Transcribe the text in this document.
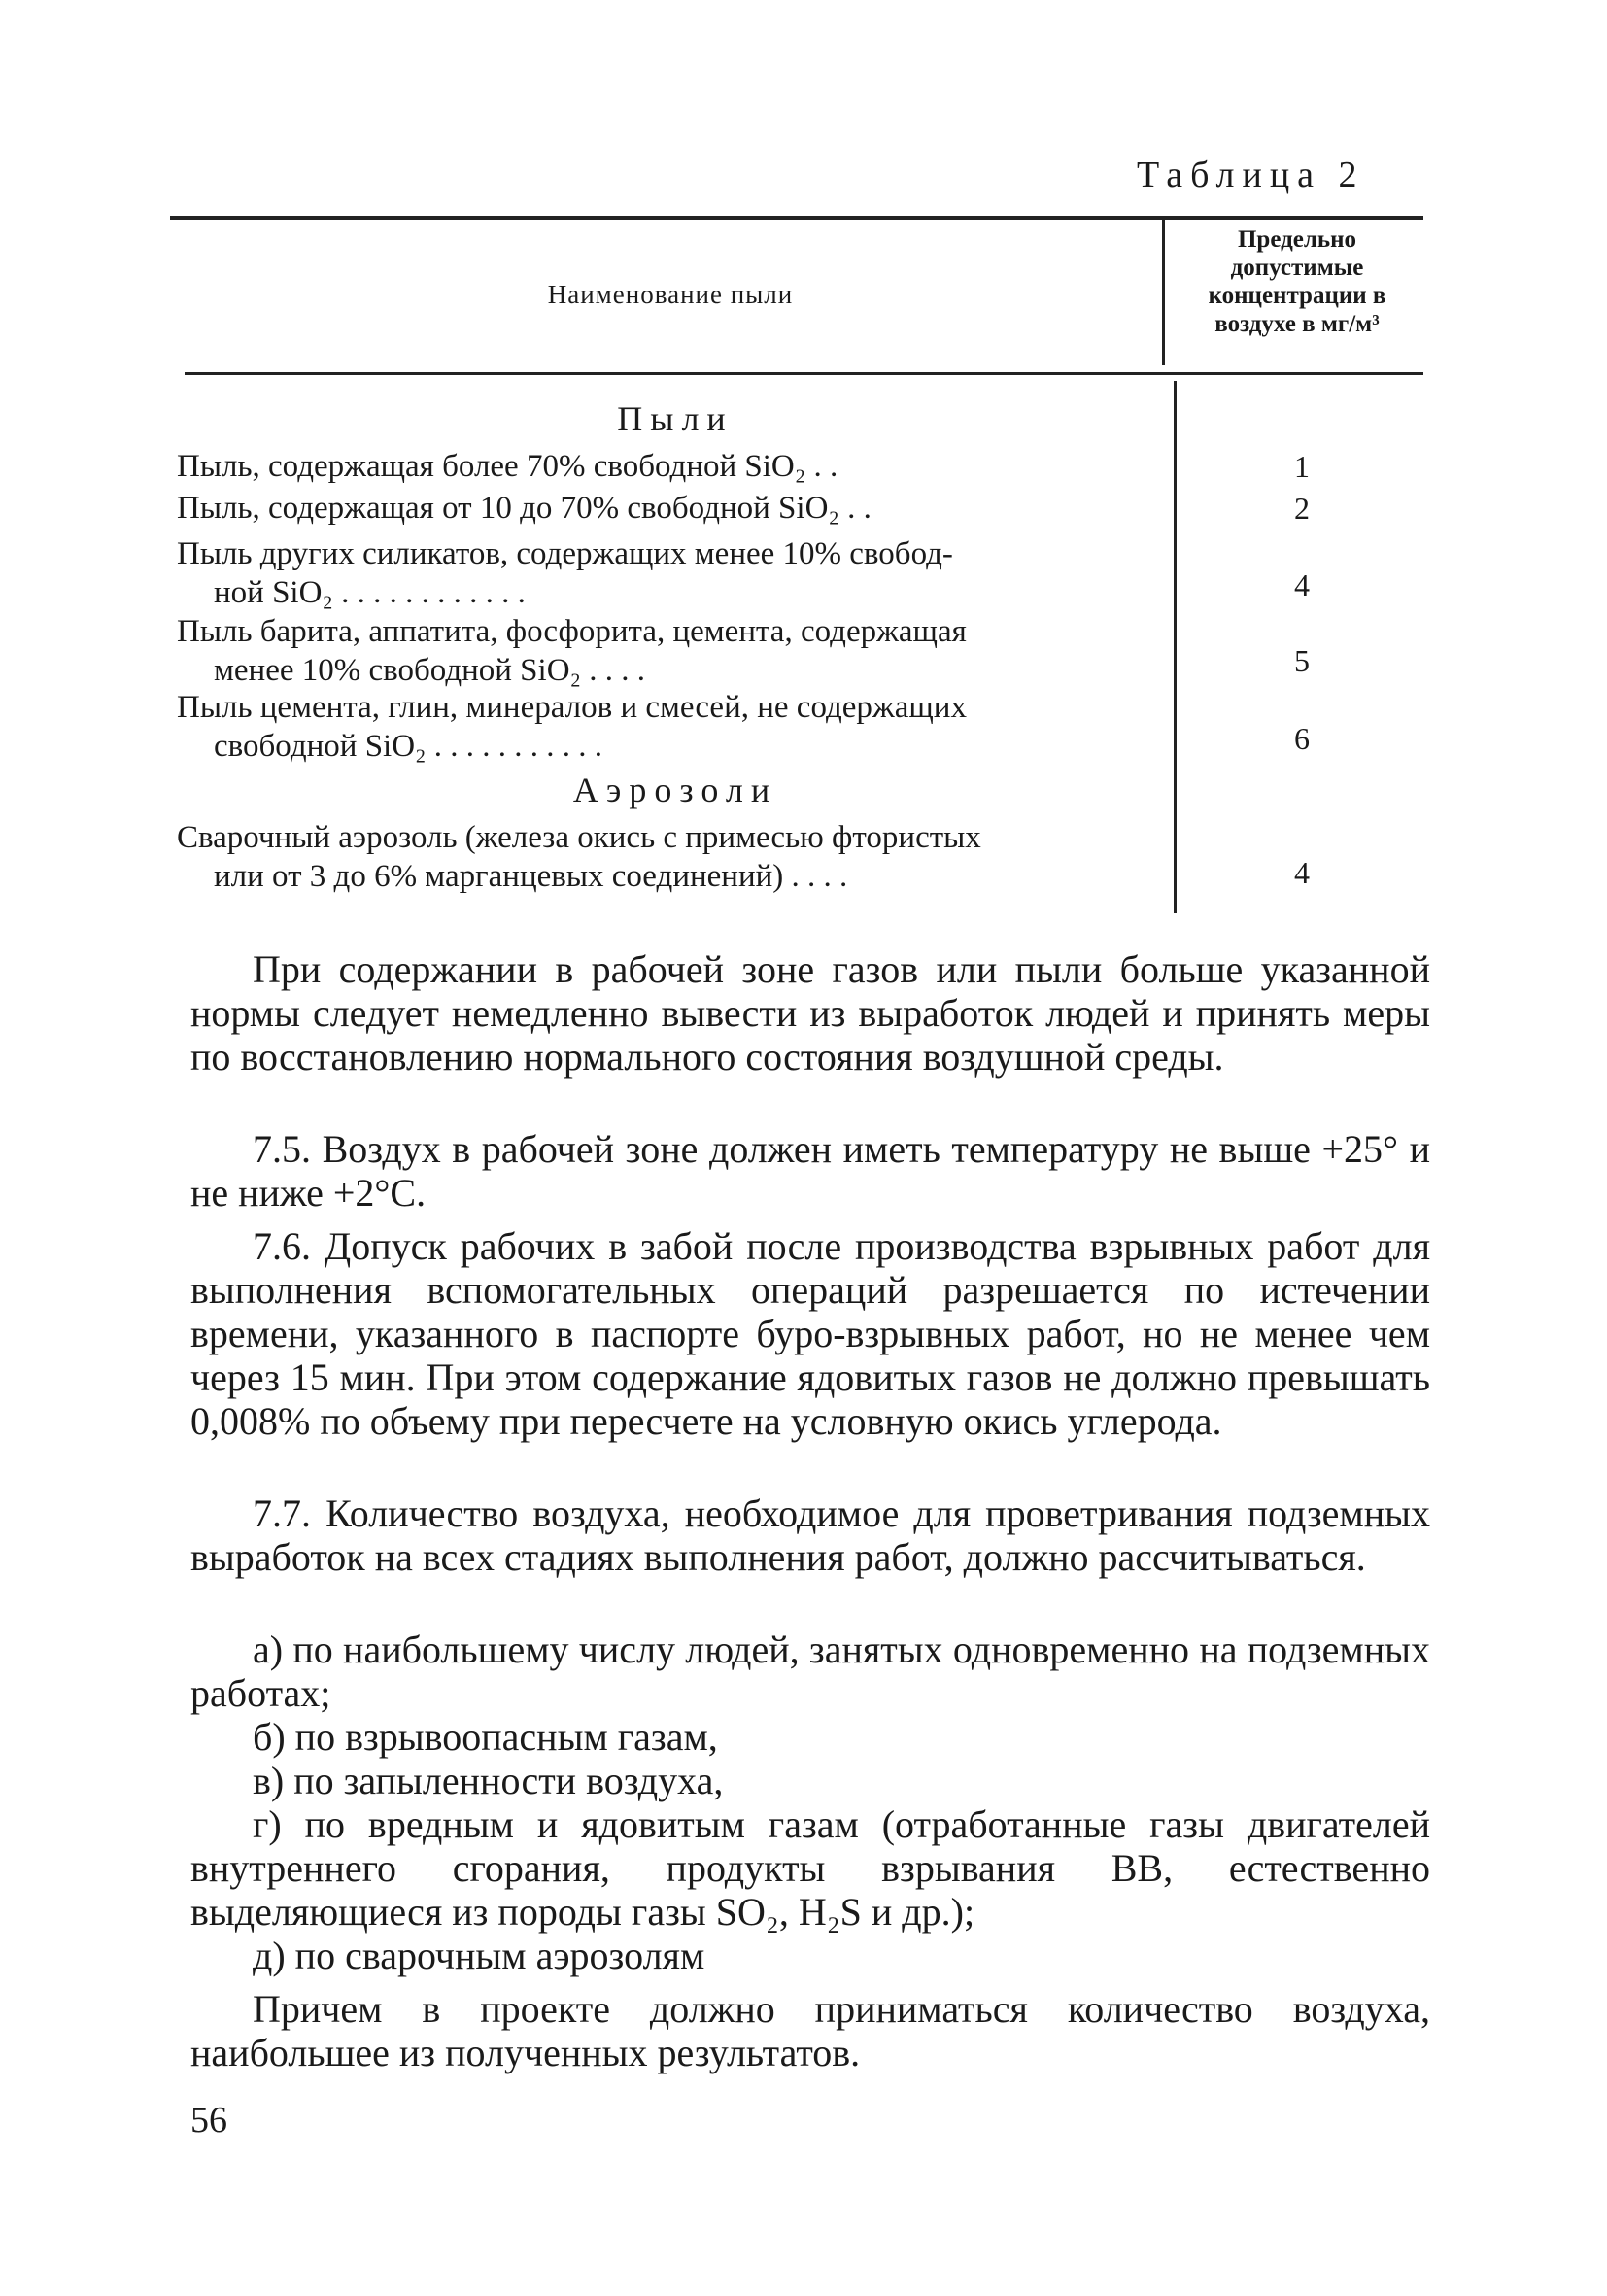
Таблица 2
Наименование пыли
Предельно допустимые концентрации в воздухе в мг/м³
Пыли
Пыль, содержащая более 70% свободной SiO₂ . .	1
Пыль, содержащая от 10 до 70% свободной SiO₂ . .	2
Пыль других силикатов, содержащих менее 10% свобод-
ной SiO₂ . . . . . . . . . . . .	4
Пыль барита, аппатита, фосфорита, цемента, содержащая
менее 10% свободной SiO₂ . . . .	5
Пыль цемента, глин, минералов и смесей, не содержащих
свободной SiO₂ . . . . . . . . . . .	6
Аэрозоли
Сварочный аэрозоль (железа окись с примесью фтористых
или от 3 до 6% марганцевых соединений) . . . .	4
При содержании в рабочей зоне газов или пыли больше указанной нормы следует немедленно вывести из выработок людей и принять меры по восстановлению нормального состояния воздушной среды.
7.5. Воздух в рабочей зоне должен иметь температуру не выше +25° и не ниже +2°С.
7.6. Допуск рабочих в забой после производства взрывных работ для выполнения вспомогательных операций разрешается по истечении времени, указанного в паспорте буро-взрывных работ, но не менее чем через 15 мин. При этом содержание ядовитых газов не должно превышать 0,008% по объему при пересчете на условную окись углерода.
7.7. Количество воздуха, необходимое для проветривания подземных выработок на всех стадиях выполнения работ, должно рассчитываться.
а) по наибольшему числу людей, занятых одновременно на подземных работах;
б) по взрывоопасным газам,
в) по запыленности воздуха,
г) по вредным и ядовитым газам (отработанные газы двигателей внутреннего сгорания, продукты взрывания ВВ, естественно выделяющиеся из породы газы SO₂, H₂S и др.);
д) по сварочным аэрозолям
Причем в проекте должно приниматься количество воздуха, наибольшее из полученных результатов.
56
